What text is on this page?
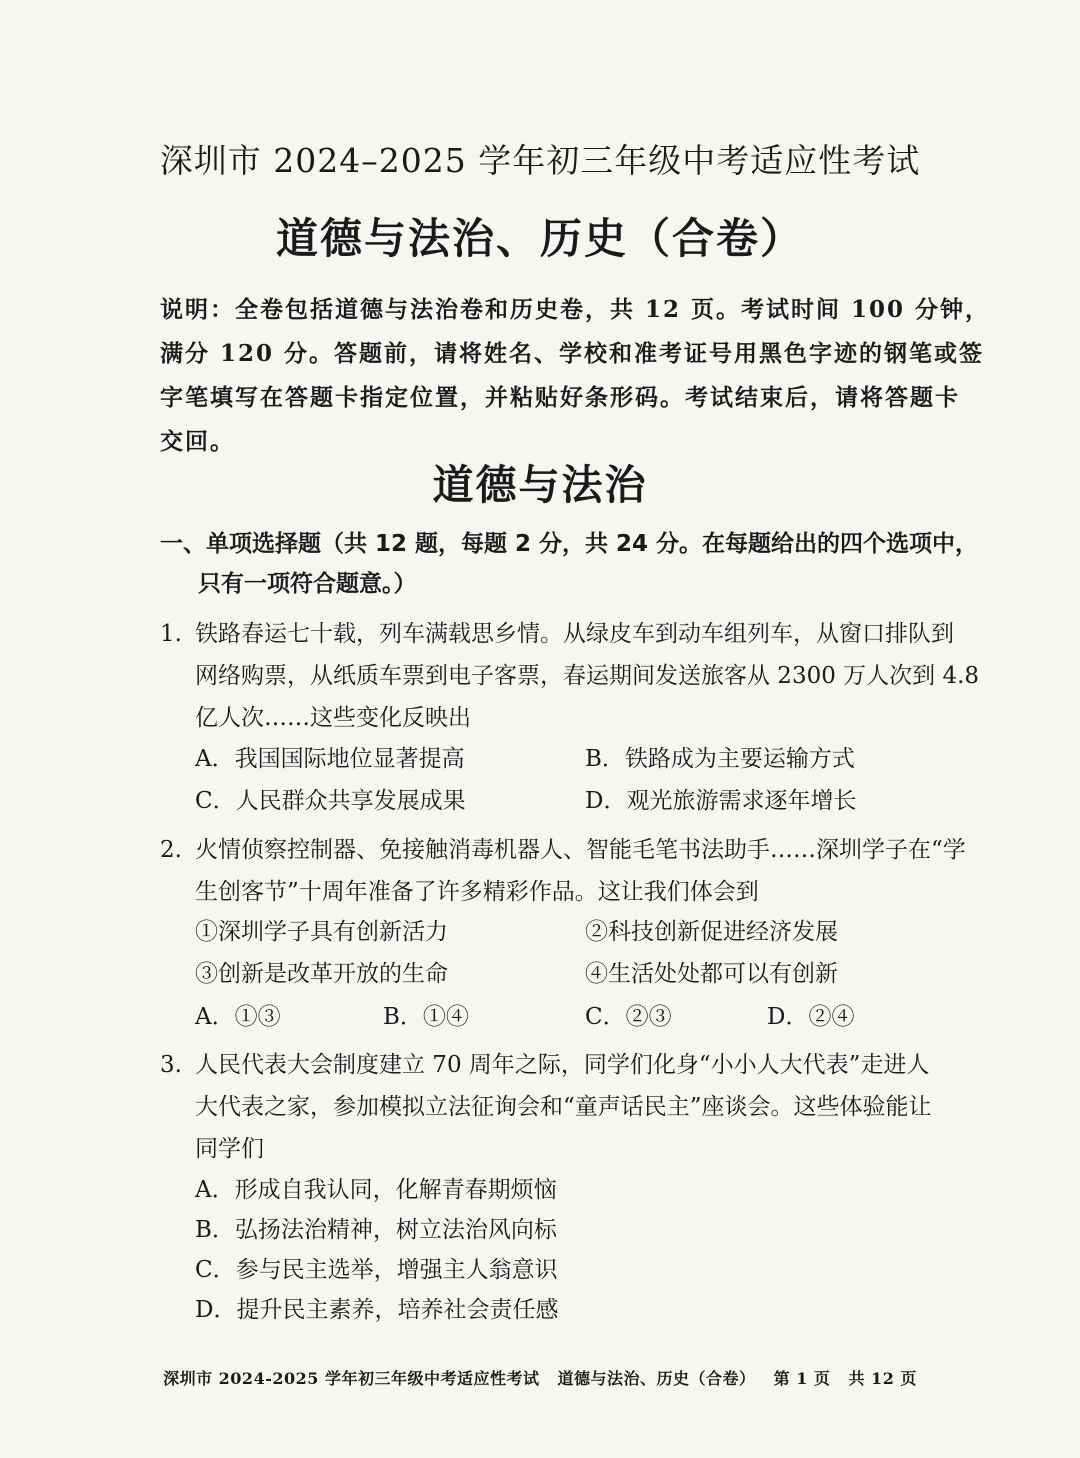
深圳市 2024–2025 学年初三年级中考适应性考试
道德与法治、历史（合卷）
说明：全卷包括道德与法治卷和历史卷，共 12 页。考试时间 100 分钟，
满分 120 分。答题前，请将姓名、学校和准考证号用黑色字迹的钢笔或签
字笔填写在答题卡指定位置，并粘贴好条形码。考试结束后，请将答题卡
交回。
道德与法治
一、单项选择题（共 12 题，每题 2 分，共 24 分。在每题给出的四个选项中，
只有一项符合题意。）
1. 铁路春运七十载，列车满载思乡情。从绿皮车到动车组列车，从窗口排队到
网络购票，从纸质车票到电子客票，春运期间发送旅客从 2300 万人次到 4.8
亿人次……这些变化反映出
A．我国国际地位显著提高	B．铁路成为主要运输方式
C．人民群众共享发展成果	D．观光旅游需求逐年增长
2. 火情侦察控制器、免接触消毒机器人、智能毛笔书法助手……深圳学子在“学
生创客节”十周年准备了许多精彩作品。这让我们体会到
①深圳学子具有创新活力	②科技创新促进经济发展
③创新是改革开放的生命	④生活处处都可以有创新
A．①③	B．①④	C．②③	D．②④
3. 人民代表大会制度建立 70 周年之际，同学们化身“小小人大代表”走进人
大代表之家，参加模拟立法征询会和“童声话民主”座谈会。这些体验能让
同学们
A．形成自我认同，化解青春期烦恼
B．弘扬法治精神，树立法治风向标
C．参与民主选举，增强主人翁意识
D．提升民主素养，培养社会责任感
深圳市 2024-2025 学年初三年级中考适应性考试 道德与法治、历史（合卷） 第 1 页 共 12 页
